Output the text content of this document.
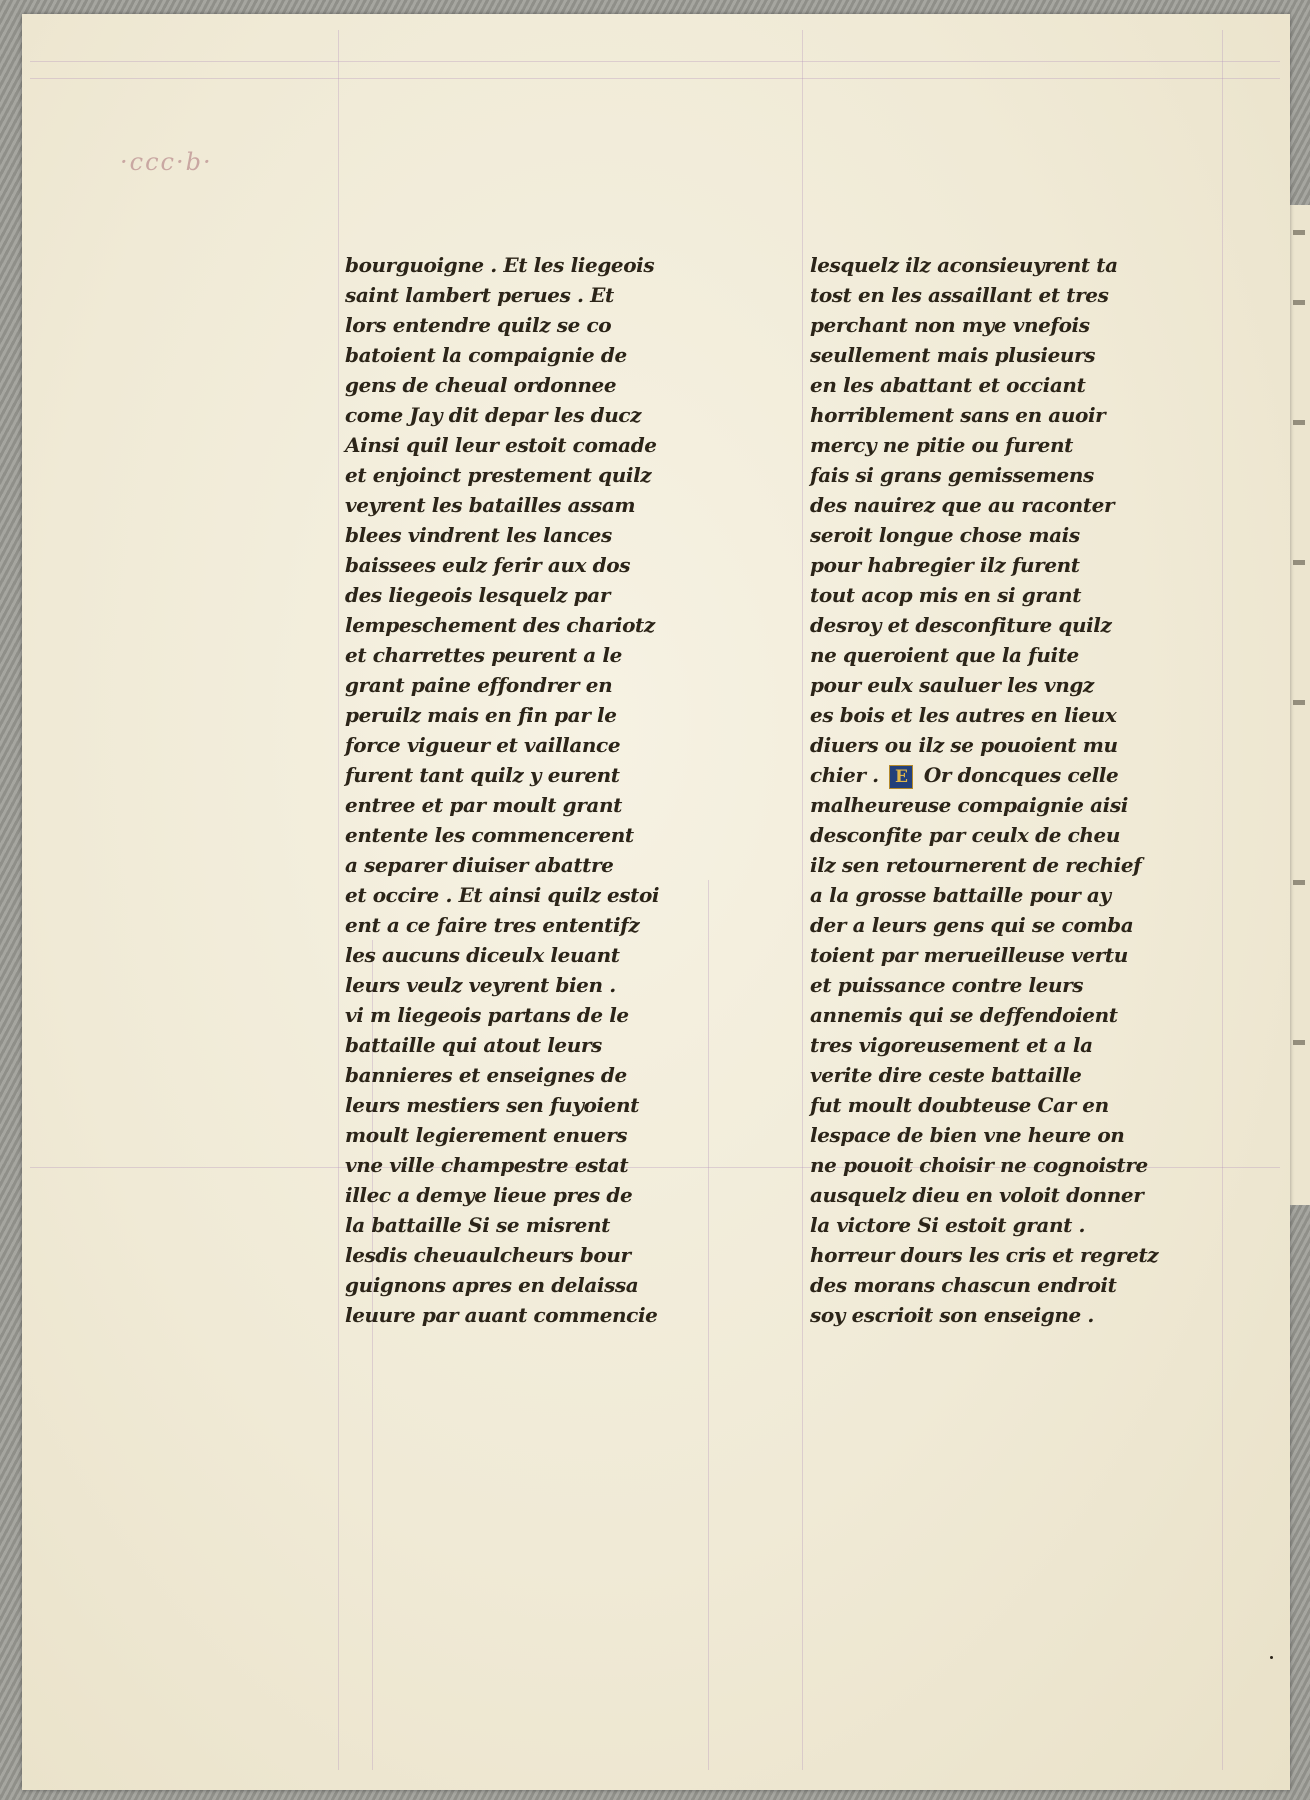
·ccc·b·
bourguoigne . Et les liegeois
saint lambert perues . Et
lors entendre quilz se co
batoient la compaignie de
gens de cheual ordonnee
come Jay dit depar les ducz
Ainsi quil leur estoit comade
et enjoinct prestement quilz
veyrent les batailles assam
blees vindrent les lances
baissees eulz ferir aux dos
des liegeois lesquelz par
lempeschement des chariotz
et charrettes peurent a le
grant paine effondrer en
peruilz mais en fin par le
force vigueur et vaillance
furent tant quilz y eurent
entree et par moult grant
entente les commencerent
a separer diuiser abattre
et occire . Et ainsi quilz estoi
ent a ce faire tres ententifz
les aucuns diceulx leuant
leurs veulz veyrent bien .
vi m liegeois partans de le
battaille qui atout leurs
bannieres et enseignes de
leurs mestiers sen fuyoient
moult legierement enuers
vne ville champestre estat
illec a demye lieue pres de
la battaille Si se misrent
lesdis cheuaulcheurs bour
guignons apres en delaissa
leuure par auant commencie
lesquelz ilz aconsieuyrent ta
tost en les assaillant et tres
perchant non mye vnefois
seullement mais plusieurs
en les abattant et occiant
horriblement sans en auoir
mercy ne pitie ou furent
fais si grans gemissemens
des nauirez que au raconter
seroit longue chose mais
pour habregier ilz furent
tout acop mis en si grant
desroy et desconfiture quilz
ne queroient que la fuite
pour eulx sauluer les vngz
es bois et les autres en lieux
diuers ou ilz se pouoient mu
chier . E Or doncques celle
malheureuse compaignie aisi
desconfite par ceulx de cheu
ilz sen retournerent de rechief
a la grosse battaille pour ay
der a leurs gens qui se comba
toient par merueilleuse vertu
et puissance contre leurs
annemis qui se deffendoient
tres vigoreusement et a la
verite dire ceste battaille
fut moult doubteuse Car en
lespace de bien vne heure on
ne pouoit choisir ne cognoistre
ausquelz dieu en voloit donner
la victore Si estoit grant .
horreur dours les cris et regretz
des morans chascun endroit
soy escrioit son enseigne .
